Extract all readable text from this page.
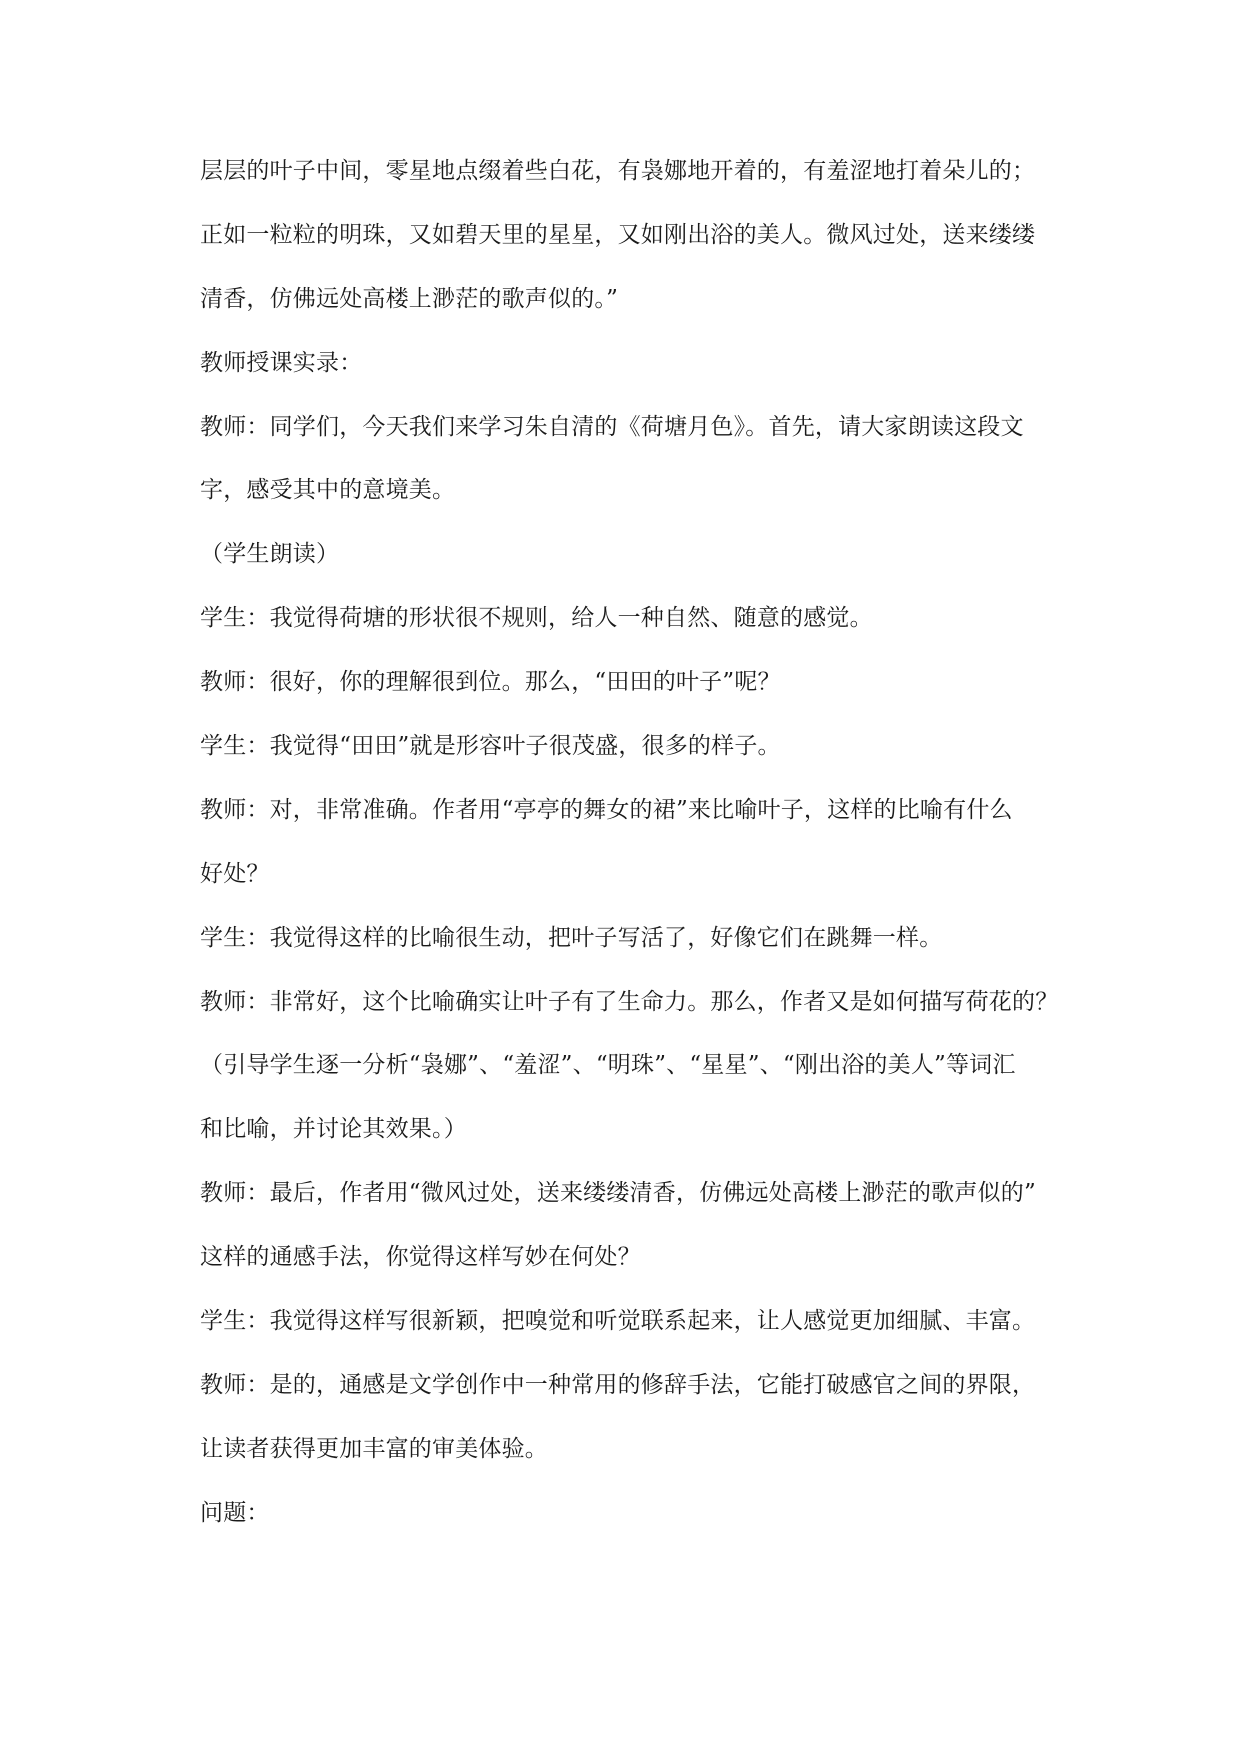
层层的叶子中间，零星地点缀着些白花，有袅娜地开着的，有羞涩地打着朵儿的；
正如一粒粒的明珠，又如碧天里的星星，又如刚出浴的美人。微风过处，送来缕缕
清香，仿佛远处高楼上渺茫的歌声似的。”
教师授课实录：
教师：同学们，今天我们来学习朱自清的《荷塘月色》。首先，请大家朗读这段文
字，感受其中的意境美。
（学生朗读）
学生：我觉得荷塘的形状很不规则，给人一种自然、随意的感觉。
教师：很好，你的理解很到位。那么，“田田的叶子”呢？
学生：我觉得“田田”就是形容叶子很茂盛，很多的样子。
教师：对，非常准确。作者用“亭亭的舞女的裙”来比喻叶子，这样的比喻有什么
好处？
学生：我觉得这样的比喻很生动，把叶子写活了，好像它们在跳舞一样。
教师：非常好，这个比喻确实让叶子有了生命力。那么，作者又是如何描写荷花的？
（引导学生逐一分析“袅娜”、“羞涩”、“明珠”、“星星”、“刚出浴的美人”等词汇
和比喻，并讨论其效果。）
教师：最后，作者用“微风过处，送来缕缕清香，仿佛远处高楼上渺茫的歌声似的”
这样的通感手法，你觉得这样写妙在何处？
学生：我觉得这样写很新颖，把嗅觉和听觉联系起来，让人感觉更加细腻、丰富。
教师：是的，通感是文学创作中一种常用的修辞手法，它能打破感官之间的界限，
让读者获得更加丰富的审美体验。
问题：
